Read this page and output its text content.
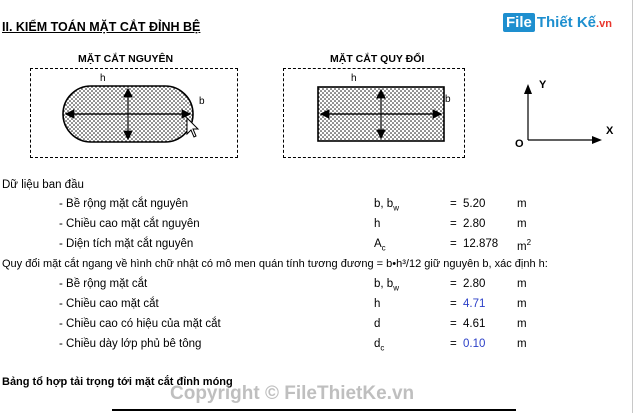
II. KIỂM TOÁN MẶT CẮT ĐỈNH BỆ	File Thiết Kế.vn
MẶT CẮT NGUYÊN
h
b
MẶT CẮT QUY ĐỔI
h
b
Y
X
O
Dữ liệu ban đầu
- Bề rộng mặt cắt nguyên	b, $b_w$	= 5.20	m
- Chiều cao mặt cắt nguyên	h	= 2.80	m
- Diện tích mặt cắt nguyên	$A_c$	= 12.878 $m^2$
Quy đổi mặt cắt ngang về hình chữ nhật có mô men quán tính tương đương = b•h³/12 giữ nguyên b, xác định h:
- Bề rộng mặt cắt	b, $b_w$	= 2.80	m
- Chiều cao mặt cắt	h	= 4.71	m
- Chiều cao có hiệu của mặt cắt	d	= 4.61	m
- Chiều dày lớp phủ bê tông	$d_c$	= 0.10	m
Bảng tổ hợp tải trọng tới mặt cắt đỉnh móng
Copyright © FileThietKe.vn
